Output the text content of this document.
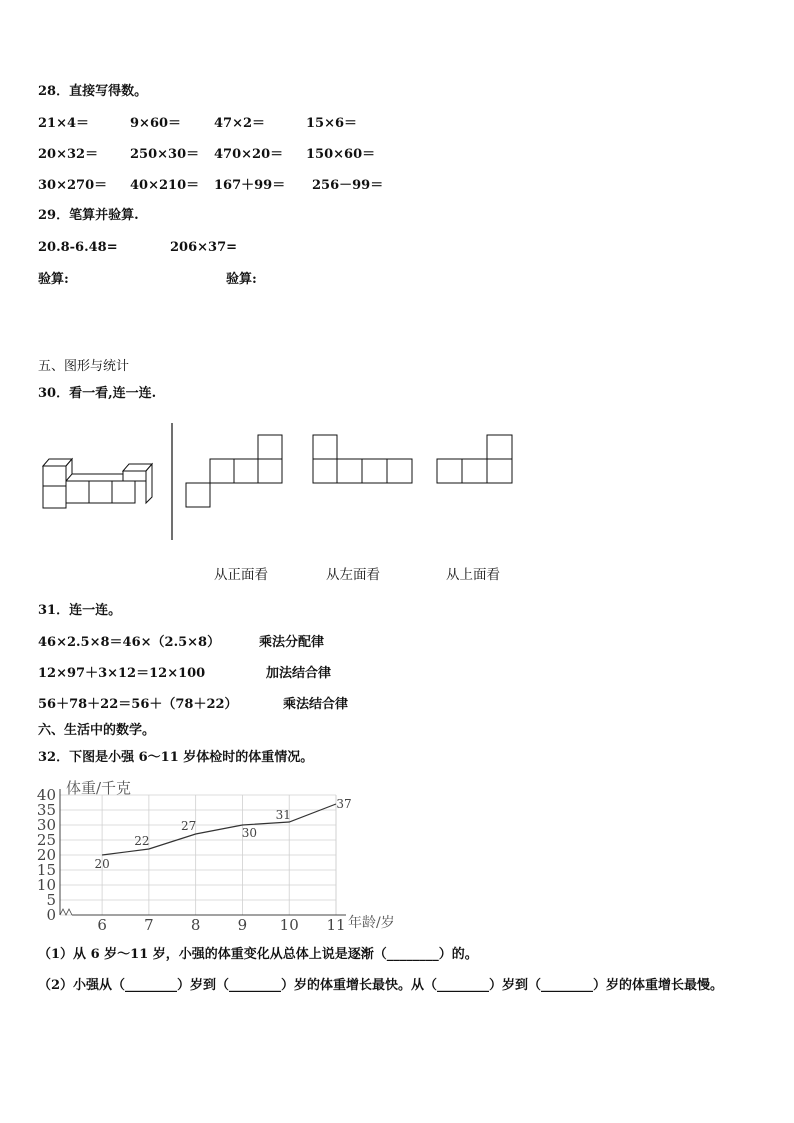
28．直接写得数。
21×4＝	9×60＝	47×2＝	15×6＝
20×32＝ 250×30＝ 470×20＝ 150×60＝
30×270＝ 40×210＝ 167＋99＝ 256－99＝
29．笔算并验算.
20.8-6.48=	206×37=
验算:	验算:
五、图形与统计
30．看一看,连一连.
从正面看	从左面看	从上面看
31．连一连。
46×2.5×8＝46×（2.5×8）
12×97＋3×12＝12×100
56＋78＋22＝56＋（78＋22）
乘法分配律
加法结合律
乘法结合律
六、生活中的数学。
32．下图是小强 6～11 岁体检时的体重情况。
40
35
30
25
20
15
10
5
0
6 7 8 9 10 11
体重/千克
年龄/岁
20
22
27	30
31
37
（1）从 6 岁～11 岁，小强的体重变化从总体上说是逐渐（________）的。
（2）小强从（________）岁到（________）岁的体重增长最快。从（________）岁到（________）岁的体重增长最慢。
